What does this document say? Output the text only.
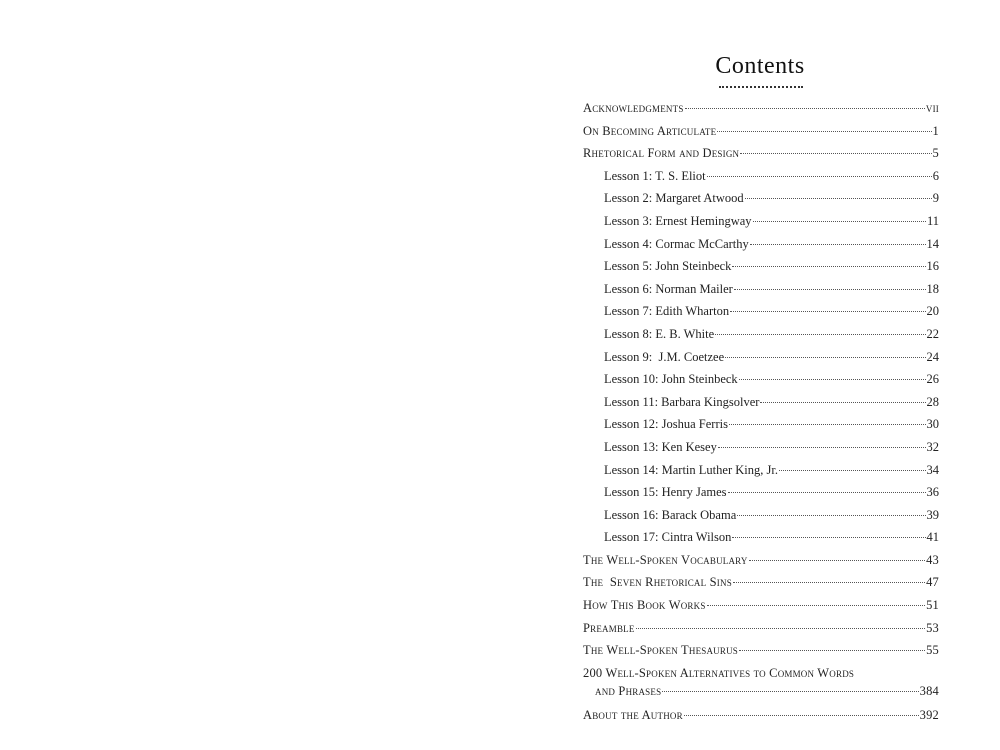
Contents
Acknowledgments	vii
On Becoming Articulate	1
Rhetorical Form and Design	5
Lesson 1: T. S. Eliot	6
Lesson 2: Margaret Atwood	9
Lesson 3: Ernest Hemingway	11
Lesson 4: Cormac McCarthy	14
Lesson 5: John Steinbeck	16
Lesson 6: Norman Mailer	18
Lesson 7: Edith Wharton	20
Lesson 8: E. B. White	22
Lesson 9:  J.M. Coetzee	24
Lesson 10: John Steinbeck	26
Lesson 11: Barbara Kingsolver	28
Lesson 12: Joshua Ferris	30
Lesson 13: Ken Kesey	32
Lesson 14: Martin Luther King, Jr.	34
Lesson 15: Henry James	36
Lesson 16: Barack Obama	39
Lesson 17: Cintra Wilson	41
The Well-Spoken Vocabulary	43
The  Seven Rhetorical Sins	47
How This Book Works	51
Preamble	53
The Well-Spoken Thesaurus	55
200 Well-Spoken Alternatives to Common Words
and Phrases	384
About the Author	392
